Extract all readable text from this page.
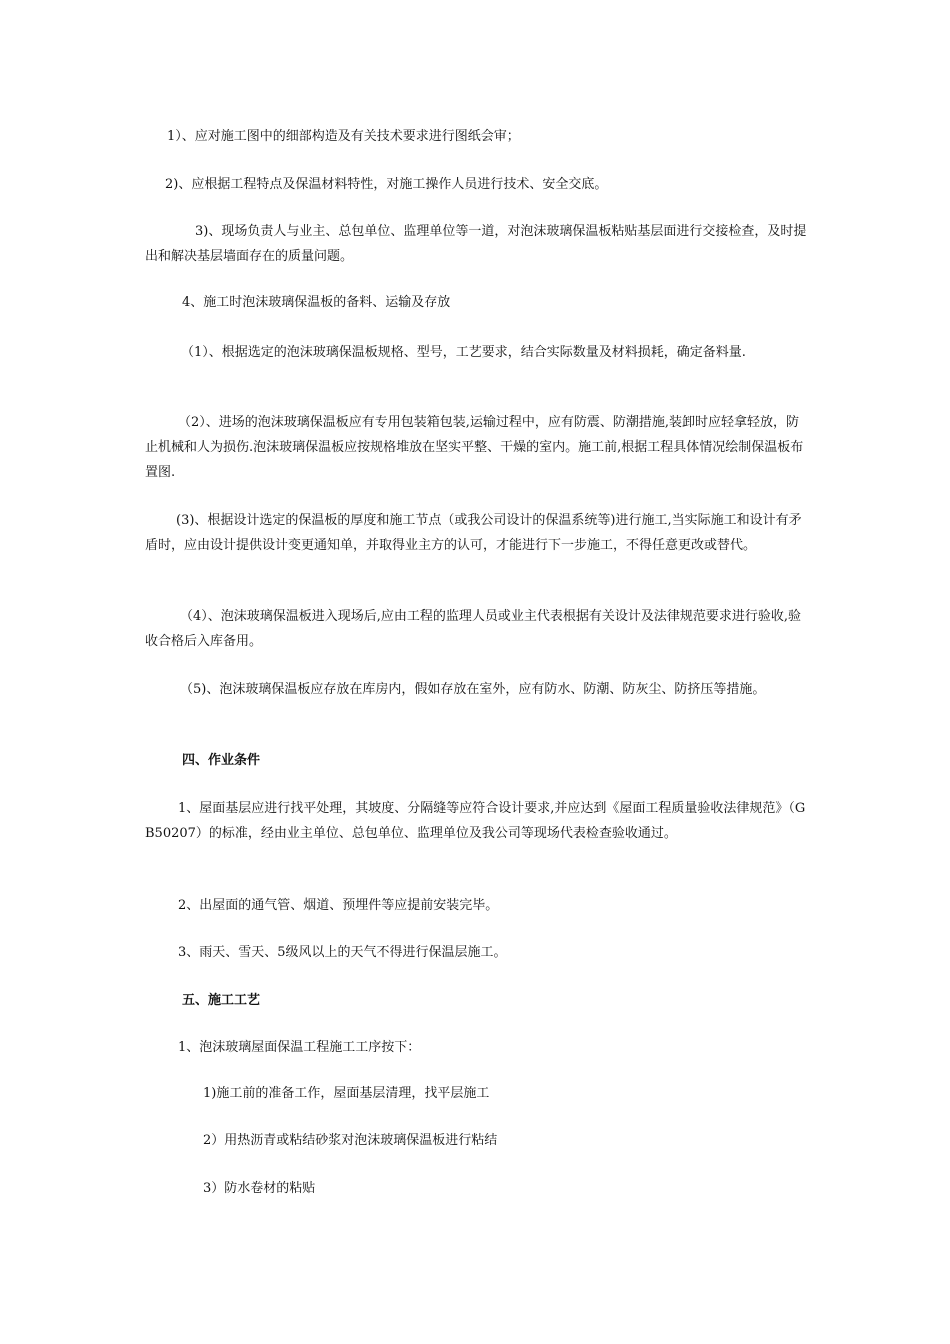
1）、应对施工图中的细部构造及有关技术要求进行图纸会审；

2)、应根据工程特点及保温材料特性，对施工操作人员进行技术、安全交底。

3)、现场负责人与业主、总包单位、监理单位等一道，对泡沫玻璃保温板粘贴基层面进行交接检查，及时提出和解决基层墙面存在的质量问题。

4、施工时泡沫玻璃保温板的备料、运输及存放

（1）、根据选定的泡沫玻璃保温板规格、型号，工艺要求，结合实际数量及材料损耗，确定备料量.

（2）、进场的泡沫玻璃保温板应有专用包装箱包装,运输过程中，应有防震、防潮措施,装卸时应轻拿轻放，防止机械和人为损伤.泡沫玻璃保温板应按规格堆放在坚实平整、干燥的室内。施工前,根据工程具体情况绘制保温板布置图.

(3)、根据设计选定的保温板的厚度和施工节点（或我公司设计的保温系统等)进行施工,当实际施工和设计有矛盾时，应由设计提供设计变更通知单，并取得业主方的认可，才能进行下一步施工，不得任意更改或替代。

（4）、泡沫玻璃保温板进入现场后,应由工程的监理人员或业主代表根据有关设计及法律规范要求进行验收,验收合格后入库备用。

（5)、泡沫玻璃保温板应存放在库房内，假如存放在室外，应有防水、防潮、防灰尘、防挤压等措施。

四、作业条件

1、屋面基层应进行找平处理，其坡度、分隔缝等应符合设计要求,并应达到《屋面工程质量验收法律规范》（GB50207）的标准，经由业主单位、总包单位、监理单位及我公司等现场代表检查验收通过。

2、出屋面的通气管、烟道、预埋件等应提前安装完毕。

3、雨天、雪天、5级风以上的天气不得进行保温层施工。

五、施工工艺

1、泡沫玻璃屋面保温工程施工工序按下：

1)施工前的准备工作，屋面基层清理，找平层施工

2）用热沥青或粘结砂浆对泡沫玻璃保温板进行粘结

3）防水卷材的粘贴
